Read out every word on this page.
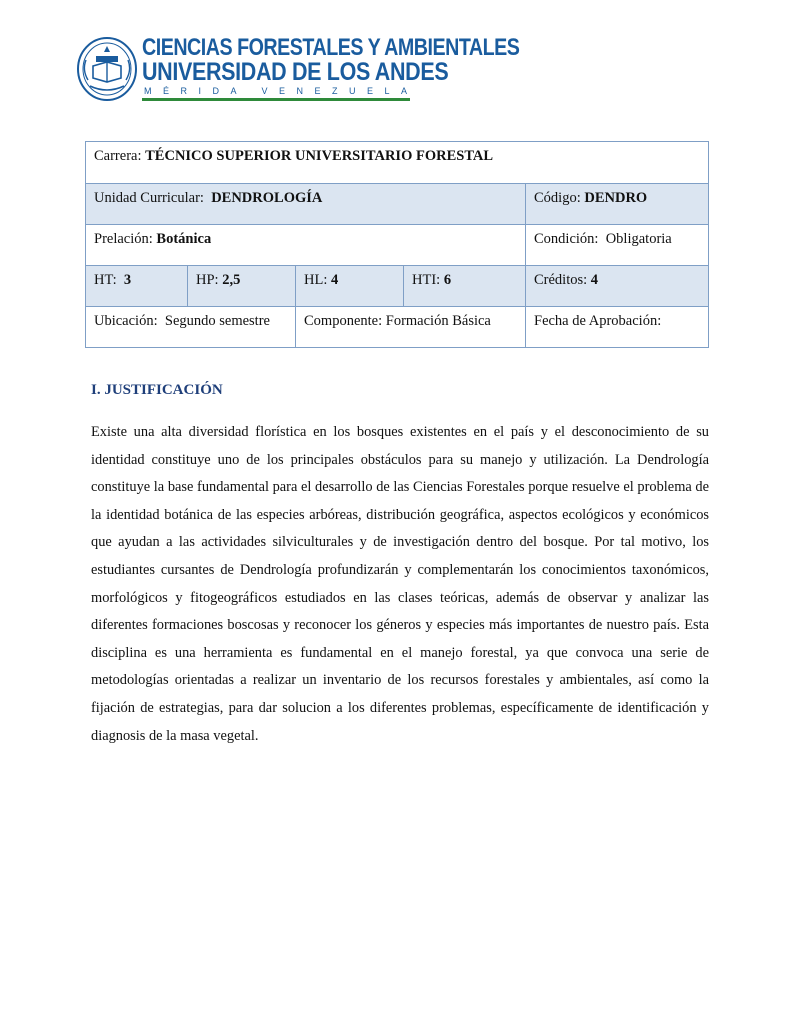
CIENCIAS FORESTALES Y AMBIENTALES
UNIVERSIDAD DE LOS ANDES
MÉRIDA VENEZUELA
Carrera: TÉCNICO SUPERIOR UNIVERSITARIO FORESTAL				

Unidad Curricular: DENDROLOGÍA				Código: DENDRO

Prelación: Botánica				Condición: Obligatoria

HT: 3	HP: 2,5	HL: 4	HTI: 6	Créditos: 4

Ubicación: Segundo semestre		Componente: Formación Básica		Fecha de Aprobación:
I. JUSTIFICACIÓN
Existe una alta diversidad florística en los bosques existentes en el país y el desconocimiento de su identidad constituye uno de los principales obstáculos para su manejo y utilización. La Dendrología constituye la base fundamental para el desarrollo de las Ciencias Forestales porque resuelve el problema de la identidad botánica de las especies arbóreas, distribución geográfica, aspectos ecológicos y económicos que ayudan a las actividades silviculturales y de investigación dentro del bosque. Por tal motivo, los estudiantes cursantes de Dendrología profundizarán y complementarán los conocimientos taxonómicos, morfológicos y fitogeográficos estudiados en las clases teóricas, además de observar y analizar las diferentes formaciones boscosas y reconocer los géneros y especies más importantes de nuestro país. Esta disciplina es una herramienta es fundamental en el manejo forestal, ya que convoca una serie de metodologías orientadas a realizar un inventario de los recursos forestales y ambientales, así como la fijación de estrategias, para dar solucion a los diferentes problemas, específicamente de identificación y diagnosis de la masa vegetal.
